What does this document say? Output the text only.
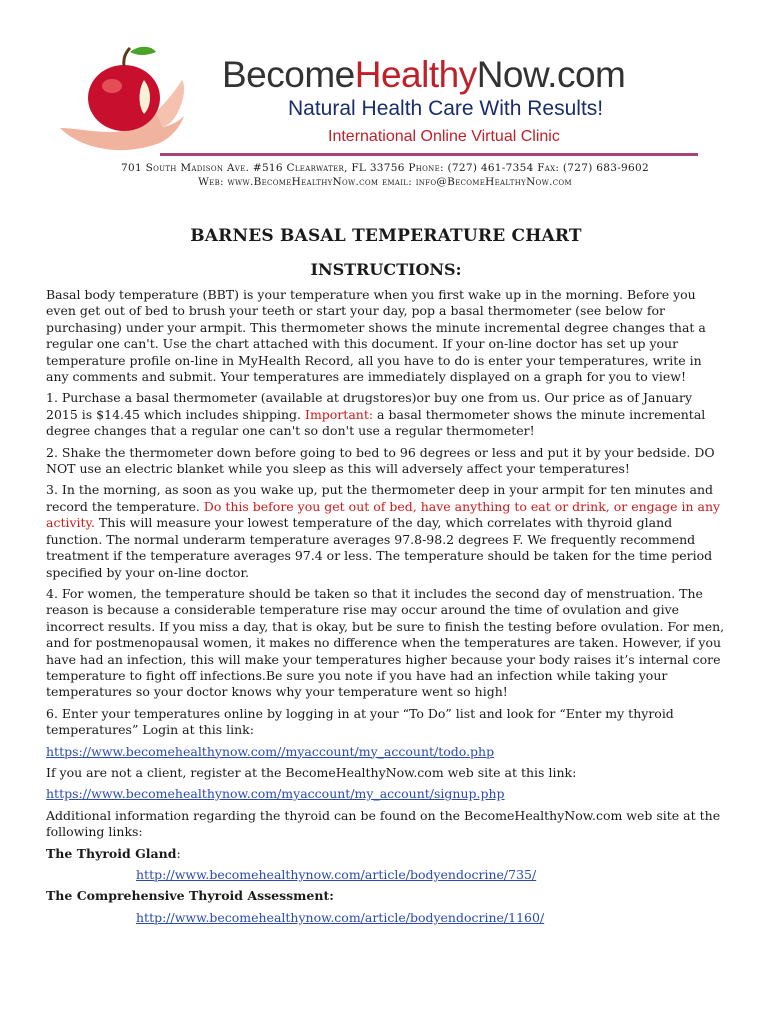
BecomeHealthyNow.com
Natural Health Care With Results!
International Online Virtual Clinic
701 South Madison Ave. #516 Clearwater, FL 33756 Phone: (727) 461-7354 Fax: (727) 683-9602
Web: www.BecomeHealthyNow.com email: info@BecomeHealthyNow.com
BARNES BASAL TEMPERATURE CHART
INSTRUCTIONS:

Basal body temperature (BBT) is your temperature when you first wake up in the morning. Before you even get out of bed to brush your teeth or start your day, pop a basal thermometer (see below for purchasing) under your armpit. This thermometer shows the minute incremental degree changes that a regular one can't. Use the chart attached with this document. If your on-line doctor has set up your temperature profile on-line in MyHealth Record, all you have to do is enter your temperatures, write in any comments and submit. Your temperatures are immediately displayed on a graph for you to view!

1. Purchase a basal thermometer (available at drugstores)or buy one from us. Our price as of January 2015 is $14.45 which includes shipping. Important: a basal thermometer shows the minute incremental degree changes that a regular one can't so don't use a regular thermometer!

2. Shake the thermometer down before going to bed to 96 degrees or less and put it by your bedside. DO NOT use an electric blanket while you sleep as this will adversely affect your temperatures!

3. In the morning, as soon as you wake up, put the thermometer deep in your armpit for ten minutes and record the temperature. Do this before you get out of bed, have anything to eat or drink, or engage in any activity. This will measure your lowest temperature of the day, which correlates with thyroid gland function. The normal underarm temperature averages 97.8-98.2 degrees F. We frequently recommend treatment if the temperature averages 97.4 or less. The temperature should be taken for the time period specified by your on-line doctor.

4. For women, the temperature should be taken so that it includes the second day of menstruation. The reason is because a considerable temperature rise may occur around the time of ovulation and give incorrect results. If you miss a day, that is okay, but be sure to finish the testing before ovulation. For men, and for postmenopausal women, it makes no difference when the temperatures are taken. However, if you have had an infection, this will make your temperatures higher because your body raises it’s internal core temperature to fight off infections.Be sure you note if you have had an infection while taking your temperatures so your doctor knows why your temperature went so high!

6. Enter your temperatures online by logging in at your “To Do” list and look for “Enter my thyroid temperatures” Login at this link:

https://www.becomehealthynow.com//myaccount/my_account/todo.php

If you are not a client, register at the BecomeHealthyNow.com web site at this link:

https://www.becomehealthynow.com/myaccount/my_account/signup.php

Additional information regarding the thyroid can be found on the BecomeHealthyNow.com web site at the following links:

The Thyroid Gland:

http://www.becomehealthynow.com/article/bodyendocrine/735/

The Comprehensive Thyroid Assessment:

http://www.becomehealthynow.com/article/bodyendocrine/1160/
